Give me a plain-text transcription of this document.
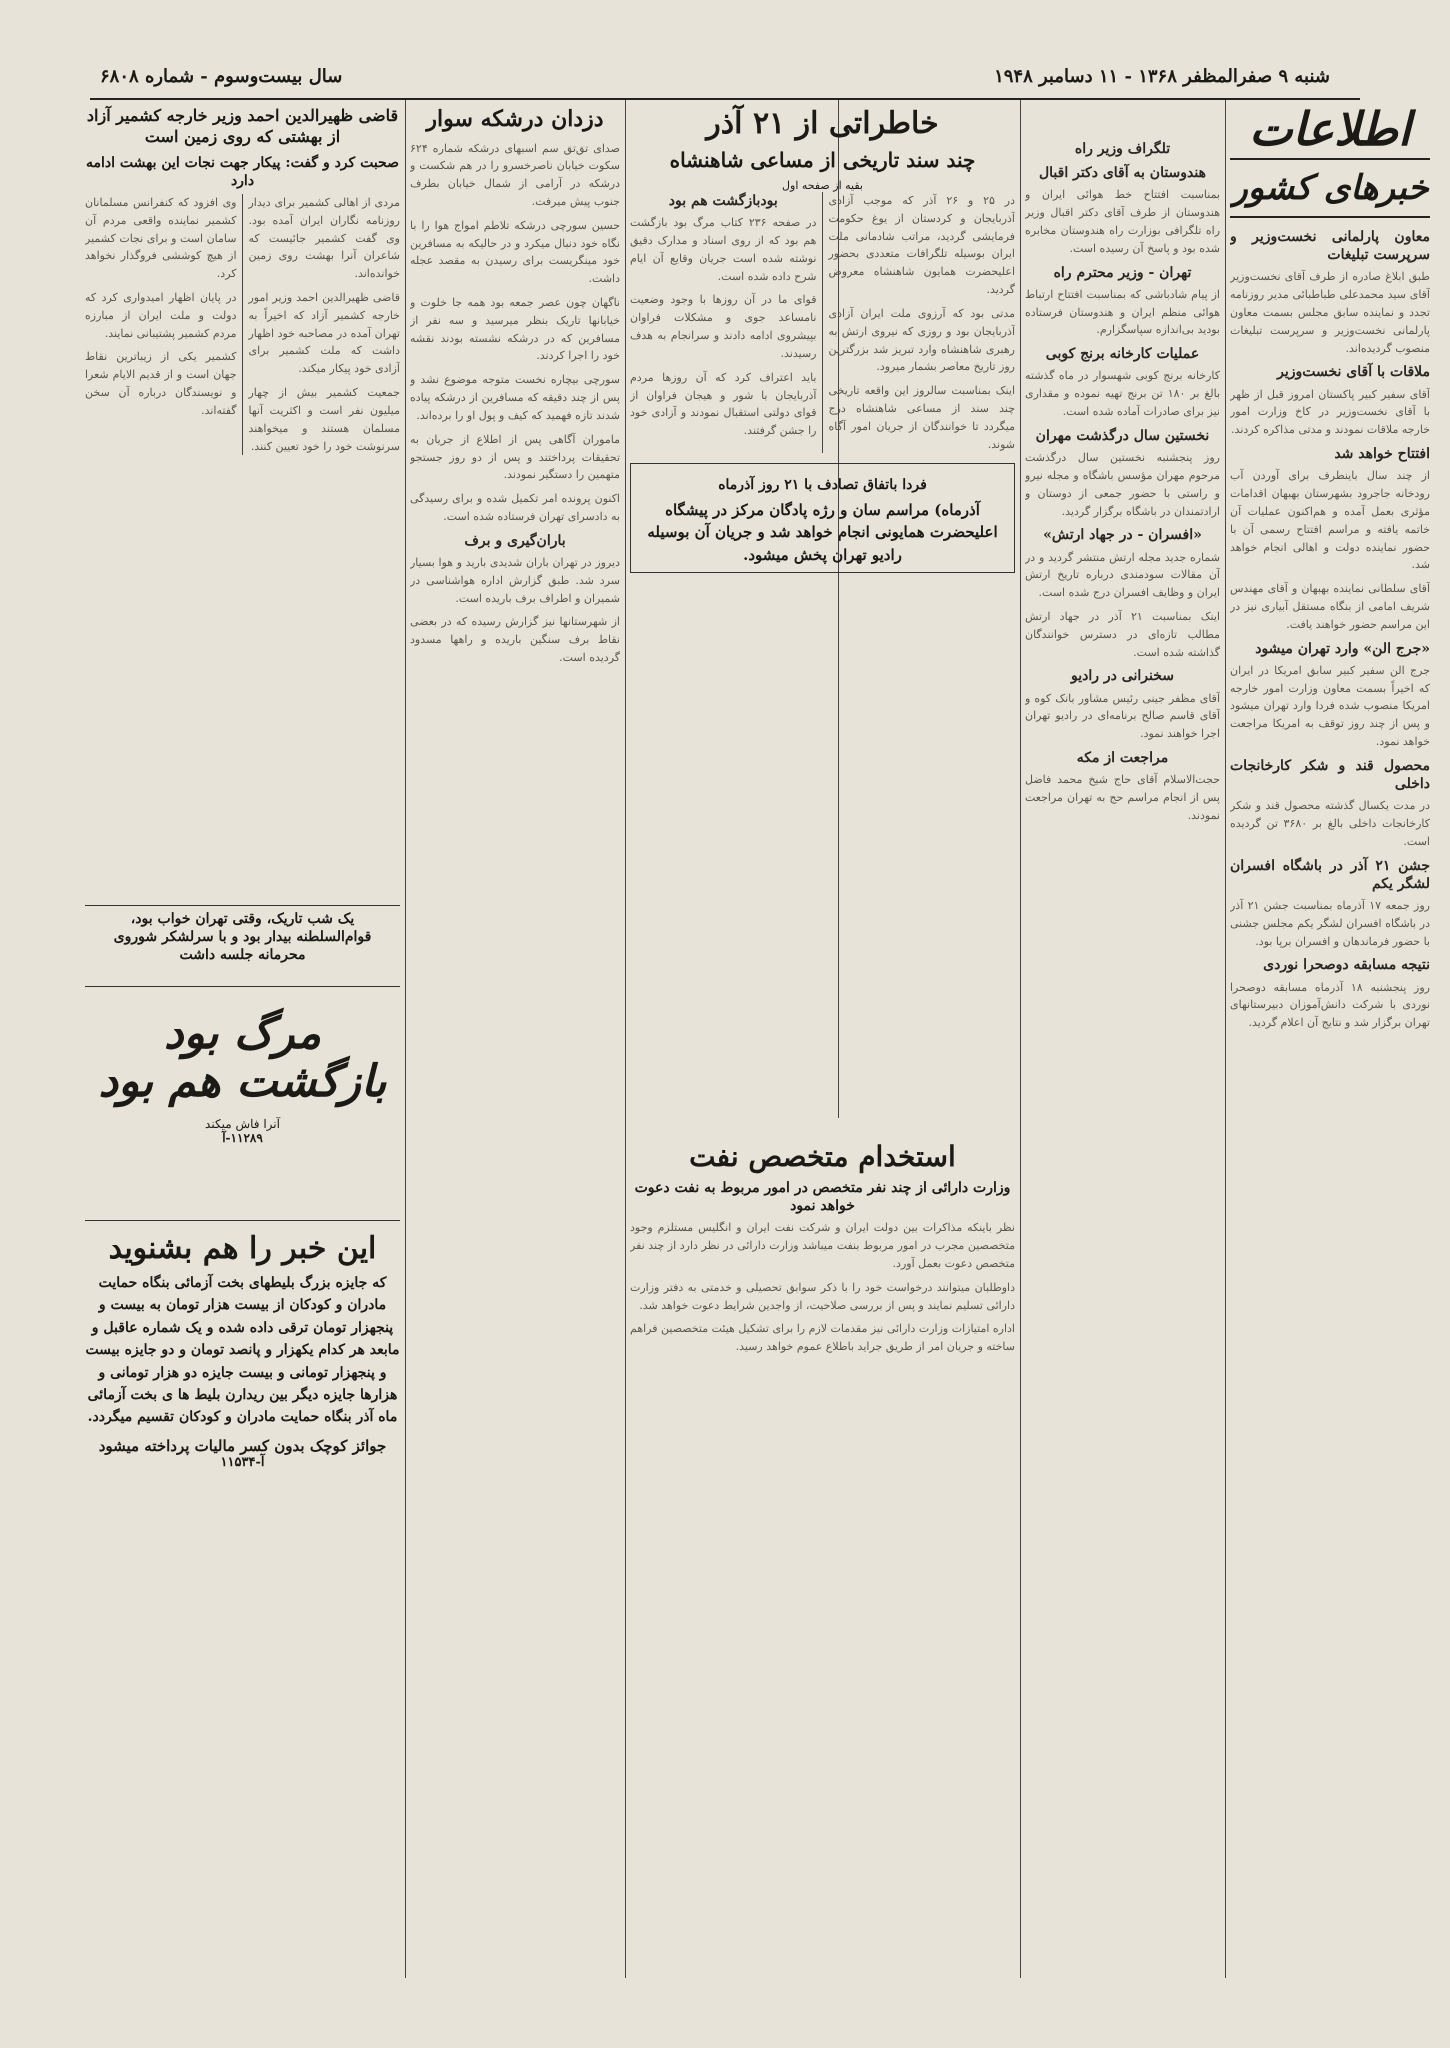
شنبه ۹ صفرالمظفر ۱۳۶۸ - ۱۱ دسامبر ۱۹۴۸
سال بیست‌وسوم - شماره ۶۸۰۸
اطلاعات
خبرهای کشور
معاون پارلمانی نخست‌وزیر و سرپرست تبلیغات

طبق ابلاغ صادره از طرف آقای نخست‌وزیر آقای سید محمدعلی طباطبائی مدیر روزنامه تجدد و نماینده سابق مجلس بسمت معاون پارلمانی نخست‌وزیر و سرپرست تبلیغات منصوب گردیده‌اند.

ملاقات با آقای نخست‌وزیر

آقای سفیر کبیر پاکستان امروز قبل از ظهر با آقای نخست‌وزیر در کاخ وزارت امور خارجه ملاقات نمودند و مدتی مذاکره کردند.

افتتاح خواهد شد

از چند سال باینطرف برای آوردن آب رودخانه جاجرود بشهرستان بهبهان اقدامات مؤثری بعمل آمده و هم‌اکنون عملیات آن خاتمه یافته و مراسم افتتاح رسمی آن با حضور نماینده دولت و اهالی انجام خواهد شد.

آقای سلطانی نماینده بهبهان و آقای مهندس شریف امامی از بنگاه مستقل آبیاری نیز در این مراسم حضور خواهند یافت.

«جرج الن» وارد تهران میشود

جرج الن سفیر کبیر سابق امریکا در ایران که اخیراً بسمت معاون وزارت امور خارجه امریکا منصوب شده فردا وارد تهران میشود و پس از چند روز توقف به امریکا مراجعت خواهد نمود.

محصول قند و شکر کارخانجات داخلی

در مدت یکسال گذشته محصول قند و شکر کارخانجات داخلی بالغ بر ۳۶۸۰ تن گردیده است.

جشن ۲۱ آذر در باشگاه افسران لشگر یکم

روز جمعه ۱۷ آذرماه بمناسبت جشن ۲۱ آذر در باشگاه افسران لشگر یکم مجلس جشنی با حضور فرماندهان و افسران برپا بود.

نتیجه مسابقه دوصحرا نوردی

روز پنجشنبه ۱۸ آذرماه مسابقه دوصحرا نوردی با شرکت دانش‌آموزان دبیرستانهای تهران برگزار شد و نتایج آن اعلام گردید.

تلگراف وزیر راه
هندوستان به آقای دکتر اقبال

بمناسبت افتتاح خط هوائی ایران و هندوستان از طرف آقای دکتر اقبال وزیر راه تلگرافی بوزارت راه هندوستان مخابره شده بود و پاسخ آن رسیده است.

تهران - وزیر محترم راه

از پیام شادباشی که بمناسبت افتتاح ارتباط هوائی منظم ایران و هندوستان فرستاده بودید بی‌اندازه سپاسگزارم.

عملیات کارخانه برنج کوبی

کارخانه برنج کوبی شهسوار در ماه گذشته بالغ بر ۱۸۰ تن برنج تهیه نموده و مقداری نیز برای صادرات آماده شده است.

نخستین سال درگذشت مهران

روز پنجشنبه نخستین سال درگذشت مرحوم مهران مؤسس باشگاه و مجله نیرو و راستی با حضور جمعی از دوستان و ارادتمندان در باشگاه برگزار گردید.

«افسران - در جهاد ارتش»

شماره جدید مجله ارتش منتشر گردید و در آن مقالات سودمندی درباره تاریخ ارتش ایران و وظایف افسران درج شده است.

اینک بمناسبت ۲۱ آذر در جهاد ارتش مطالب تازه‌ای در دسترس خوانندگان گذاشته شده است.

سخنرانی در رادیو

آقای مظفر جینی رئیس مشاور بانک کوه و آقای قاسم صالح برنامه‌ای در رادیو تهران اجرا خواهند نمود.

مراجعت از مکه

حجت‌الاسلام آقای حاج شیخ محمد فاضل پس از انجام مراسم حج به تهران مراجعت نمودند.

خاطراتی از ۲۱ آذر
چند سند تاریخی از مساعی شاهنشاه
بقیه از صفحه اول

در ۲۵ و ۲۶ آذر که موجب آزادی آذربایجان و کردستان از یوغ حکومت فرمایشی گردید، مراتب شادمانی ملت ایران بوسیله تلگرافات متعددی بحضور اعلیحضرت همایون شاهنشاه معروض گردید.

مدتی بود که آرزوی ملت ایران آزادی آذربایجان بود و روزی که نیروی ارتش به رهبری شاهنشاه وارد تبریز شد بزرگترین روز تاریخ معاصر بشمار میرود.

اینک بمناسبت سالروز این واقعه تاریخی چند سند از مساعی شاهنشاه درج میگردد تا خوانندگان از جریان امور آگاه شوند.

بودبازگشت هم بود

در صفحه ۲۳۶ کتاب مرگ بود بازگشت هم بود که از روی اسناد و مدارک دقیق نوشته شده است جریان وقایع آن ایام شرح داده شده است.

قوای ما در آن روزها با وجود وضعیت نامساعد جوی و مشکلات فراوان بپیشروی ادامه دادند و سرانجام به هدف رسیدند.

باید اعتراف کرد که آن روزها مردم آذربایجان با شور و هیجان فراوان از قوای دولتی استقبال نمودند و آزادی خود را جشن گرفتند.

فردا باتفاق تصادف با ۲۱ روز آذرماه
آذرماه) مراسم سان و رژه پادگان مرکز در پیشگاه اعلیحضرت همایونی انجام خواهد شد و جریان آن بوسیله رادیو تهران پخش میشود.
استخدام متخصص نفت
وزارت دارائی از چند نفر متخصص در امور مربوط به نفت دعوت خواهد نمود

نظر باینکه مذاکرات بین دولت ایران و شرکت نفت ایران و انگلیس مستلزم وجود متخصصین مجرب در امور مربوط بنفت میباشد وزارت دارائی در نظر دارد از چند نفر متخصص دعوت بعمل آورد.

داوطلبان میتوانند درخواست خود را با ذکر سوابق تحصیلی و خدمتی به دفتر وزارت دارائی تسلیم نمایند و پس از بررسی صلاحیت، از واجدین شرایط دعوت خواهد شد.

اداره امتیازات وزارت دارائی نیز مقدمات لازم را برای تشکیل هیئت متخصصین فراهم ساخته و جریان امر از طریق جراید باطلاع عموم خواهد رسید.

دزدان درشکه سوار

صدای تق‌تق سم اسبهای درشکه شماره ۶۲۴ سکوت خیابان ناصرخسرو را در هم شکست و درشکه در آرامی از شمال خیابان بطرف جنوب پیش میرفت.

حسین سورچی درشکه تلاطم امواج هوا را با نگاه خود دنبال میکرد و در حالیکه به مسافرین خود مینگریست برای رسیدن به مقصد عجله داشت.

ناگهان چون عصر جمعه بود همه جا خلوت و خیابانها تاریک بنظر میرسید و سه نفر از مسافرین که در درشکه نشسته بودند نقشه خود را اجرا کردند.

سورچی بیچاره نخست متوجه موضوع نشد و پس از چند دقیقه که مسافرین از درشکه پیاده شدند تازه فهمید که کیف و پول او را برده‌اند.

ماموران آگاهی پس از اطلاع از جریان به تحقیقات پرداختند و پس از دو روز جستجو متهمین را دستگیر نمودند.

اکنون پرونده امر تکمیل شده و برای رسیدگی به دادسرای تهران فرستاده شده است.

باران‌گیری و برف

دیروز در تهران باران شدیدی بارید و هوا بسیار سرد شد. طبق گزارش اداره هواشناسی در شمیران و اطراف برف باریده است.

از شهرستانها نیز گزارش رسیده که در بعضی نقاط برف سنگین باریده و راهها مسدود گردیده است.

قاضی ظهیرالدین احمد وزیر خارجه کشمیر آزاد از بهشتی که روی زمین است
صحبت کرد و گفت: پیکار جهت نجات این بهشت ادامه دارد

مردی از اهالی کشمیر برای دیدار روزنامه نگاران ایران آمده بود. وی گفت کشمیر جائیست که شاعران آنرا بهشت روی زمین خوانده‌اند.

قاضی ظهیرالدین احمد وزیر امور خارجه کشمیر آزاد که اخیراً به تهران آمده در مصاحبه خود اظهار داشت که ملت کشمیر برای آزادی خود پیکار میکند.

جمعیت کشمیر بیش از چهار میلیون نفر است و اکثریت آنها مسلمان هستند و میخواهند سرنوشت خود را خود تعیین کنند.

وی افزود که کنفرانس مسلمانان کشمیر نماینده واقعی مردم آن سامان است و برای نجات کشمیر از هیچ کوششی فروگذار نخواهد کرد.

در پایان اظهار امیدواری کرد که دولت و ملت ایران از مبارزه مردم کشمیر پشتیبانی نمایند.

کشمیر یکی از زیباترین نقاط جهان است و از قدیم الایام شعرا و نویسندگان درباره آن سخن گفته‌اند.

یک شب تاریک، وقتی تهران خواب بود،
قوام‌السلطنه بیدار بود و با سرلشکر شوروی
محرمانه جلسه داشت
مرگ بود بازگشت هم بود
آنرا فاش میکند
۱۱۲۸۹-آ
این خبر را هم بشنوید
که جایزه بزرگ بلیطهای بخت آزمائی بنگاه حمایت مادران و کودکان از بیست هزار تومان به بیست و پنجهزار تومان ترقی داده شده و یک شماره عاقبل و مابعد هر کدام یکهزار و پانصد تومان و دو جایزه بیست و پنجهزار تومانی و بیست جایزه دو هزار تومانی و هزارها جایزه دیگر بین ریدارن بلیط ها ی بخت آزمائی ماه آذر بنگاه حمایت مادران و کودکان تقسیم میگردد.
جوائز کوچک بدون کسر مالیات پرداخته میشود
آ-۱۱۵۳۴
